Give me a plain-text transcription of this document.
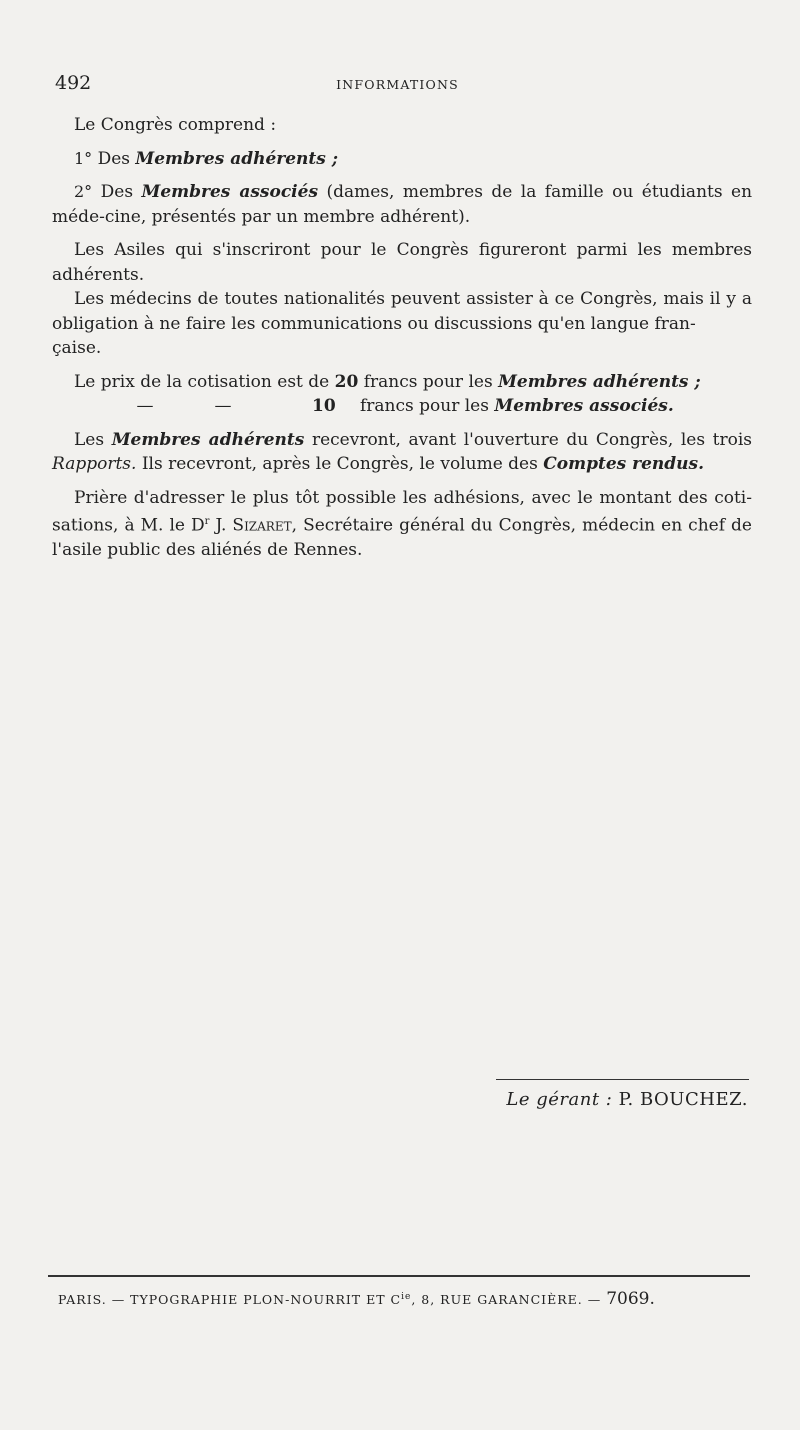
492	INFORMATIONS

Le Congrès comprend :

1° Des Membres adhérents ;

2° Des Membres associés (dames, membres de la famille ou étudiants en méde-cine, présentés par un membre adhérent).

Les Asiles qui s'inscriront pour le Congrès figureront parmi les membres adhérents.

Les médecins de toutes nationalités peuvent assister à ce Congrès, mais il y a obligation à ne faire les communications ou discussions qu'en langue fran-
çaise.

Le prix de la cotisation est de 20 francs pour les Membres adhérents ;

—	—	10 francs pour les Membres associés.

Les Membres adhérents recevront, avant l'ouverture du Congrès, les trois Rapports. Ils recevront, après le Congrès, le volume des Comptes rendus.

Prière d'adresser le plus tôt possible les adhésions, avec le montant des coti-sations, à M. le $D^r$ J. Sizaret, Secrétaire général du Congrès, médecin en chef de l'asile public des aliénés de Rennes.

Le gérant : P. BOUCHEZ.
PARIS. — TYPOGRAPHIE PLON-NOURRIT ET $C^{ie}$, 8, RUE GARANCIÈRE. — 7069.
